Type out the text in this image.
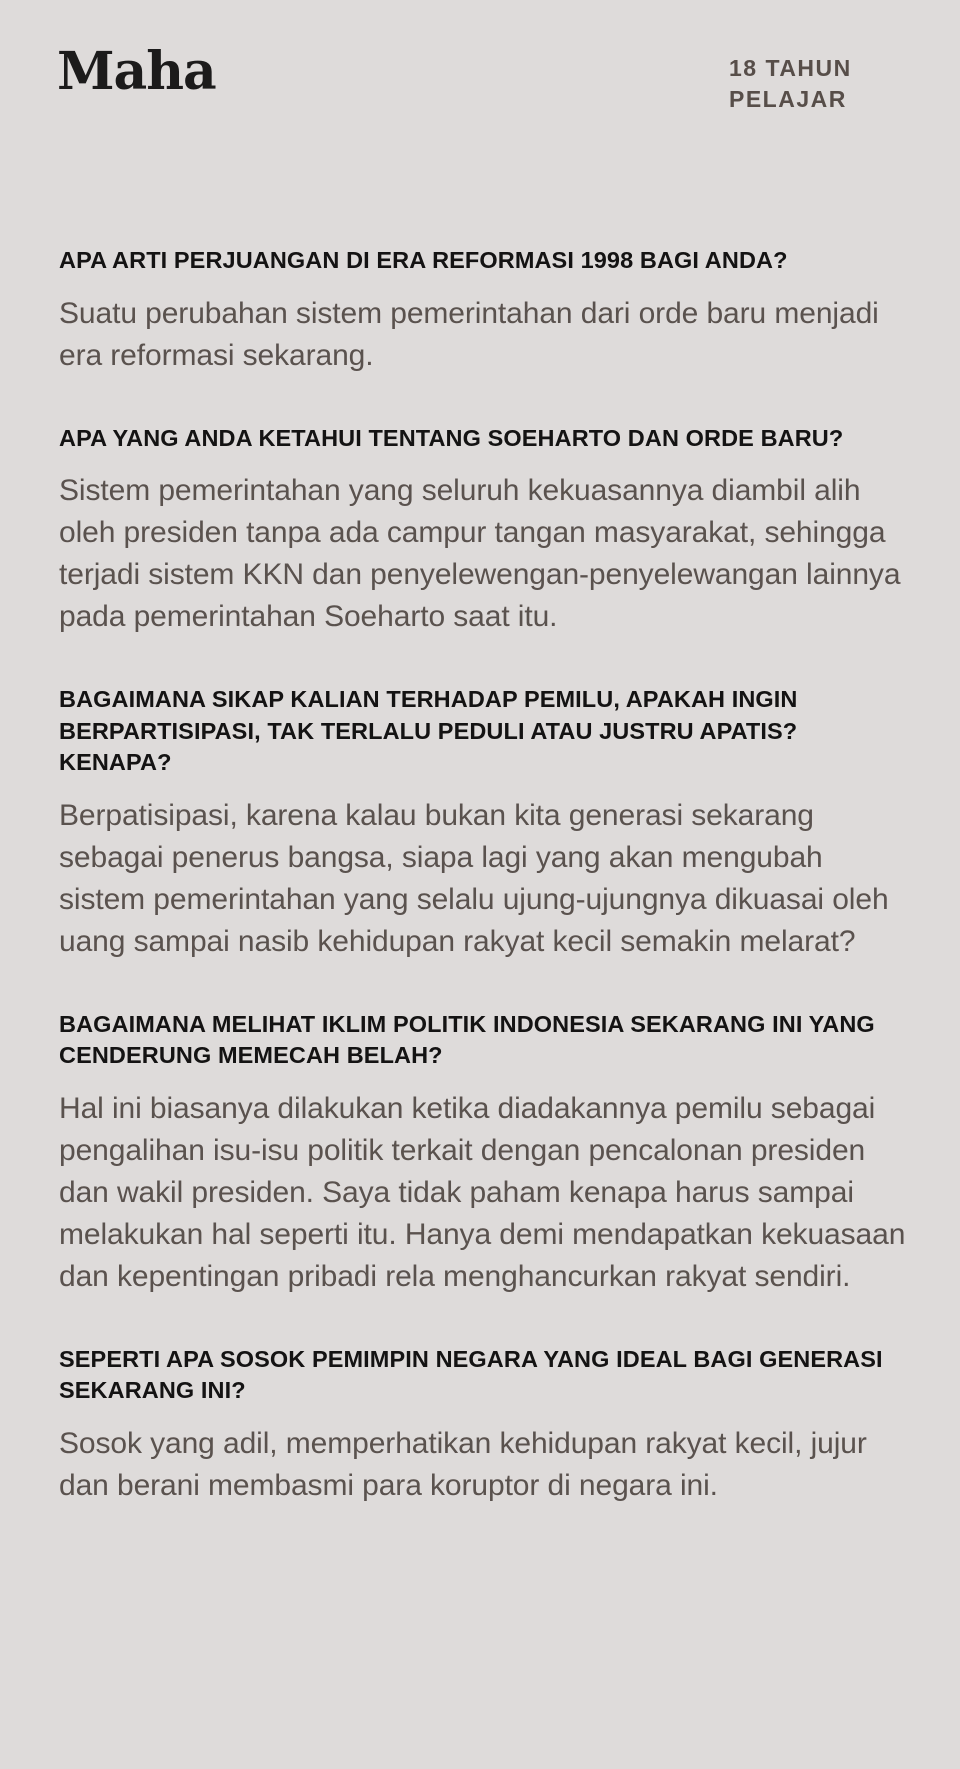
Maha	18 TAHUN
PELAJAR
APA ARTI PERJUANGAN DI ERA REFORMASI 1998 BAGI ANDA?

Suatu perubahan sistem pemerintahan dari orde baru menjadi era reformasi sekarang.

APA YANG ANDA KETAHUI TENTANG SOEHARTO DAN ORDE BARU?

Sistem pemerintahan yang seluruh kekuasannya diambil alih oleh presiden tanpa ada campur tangan masyarakat, sehingga terjadi sistem KKN dan penyelewengan-penyelewangan lainnya pada pemerintahan Soeharto saat itu.

BAGAIMANA SIKAP KALIAN TERHADAP PEMILU, APAKAH INGIN BERPARTISIPASI, TAK TERLALU PEDULI ATAU JUSTRU APATIS? KENAPA?

Berpatisipasi, karena kalau bukan kita generasi sekarang sebagai penerus bangsa, siapa lagi yang akan mengubah sistem pemerintahan yang selalu ujung-ujungnya dikuasai oleh uang sampai nasib kehidupan rakyat kecil semakin melarat?

BAGAIMANA MELIHAT IKLIM POLITIK INDONESIA SEKARANG INI YANG CENDERUNG MEMECAH BELAH?

Hal ini biasanya dilakukan ketika diadakannya pemilu sebagai pengalihan isu-isu politik terkait dengan pencalonan presiden dan wakil presiden. Saya tidak paham kenapa harus sampai melakukan hal seperti itu. Hanya demi mendapatkan kekuasaan dan kepentingan pribadi rela menghancurkan rakyat sendiri.

SEPERTI APA SOSOK PEMIMPIN NEGARA YANG IDEAL BAGI GENERASI SEKARANG INI?

Sosok yang adil, memperhatikan kehidupan rakyat kecil, jujur dan berani membasmi para koruptor di negara ini.
